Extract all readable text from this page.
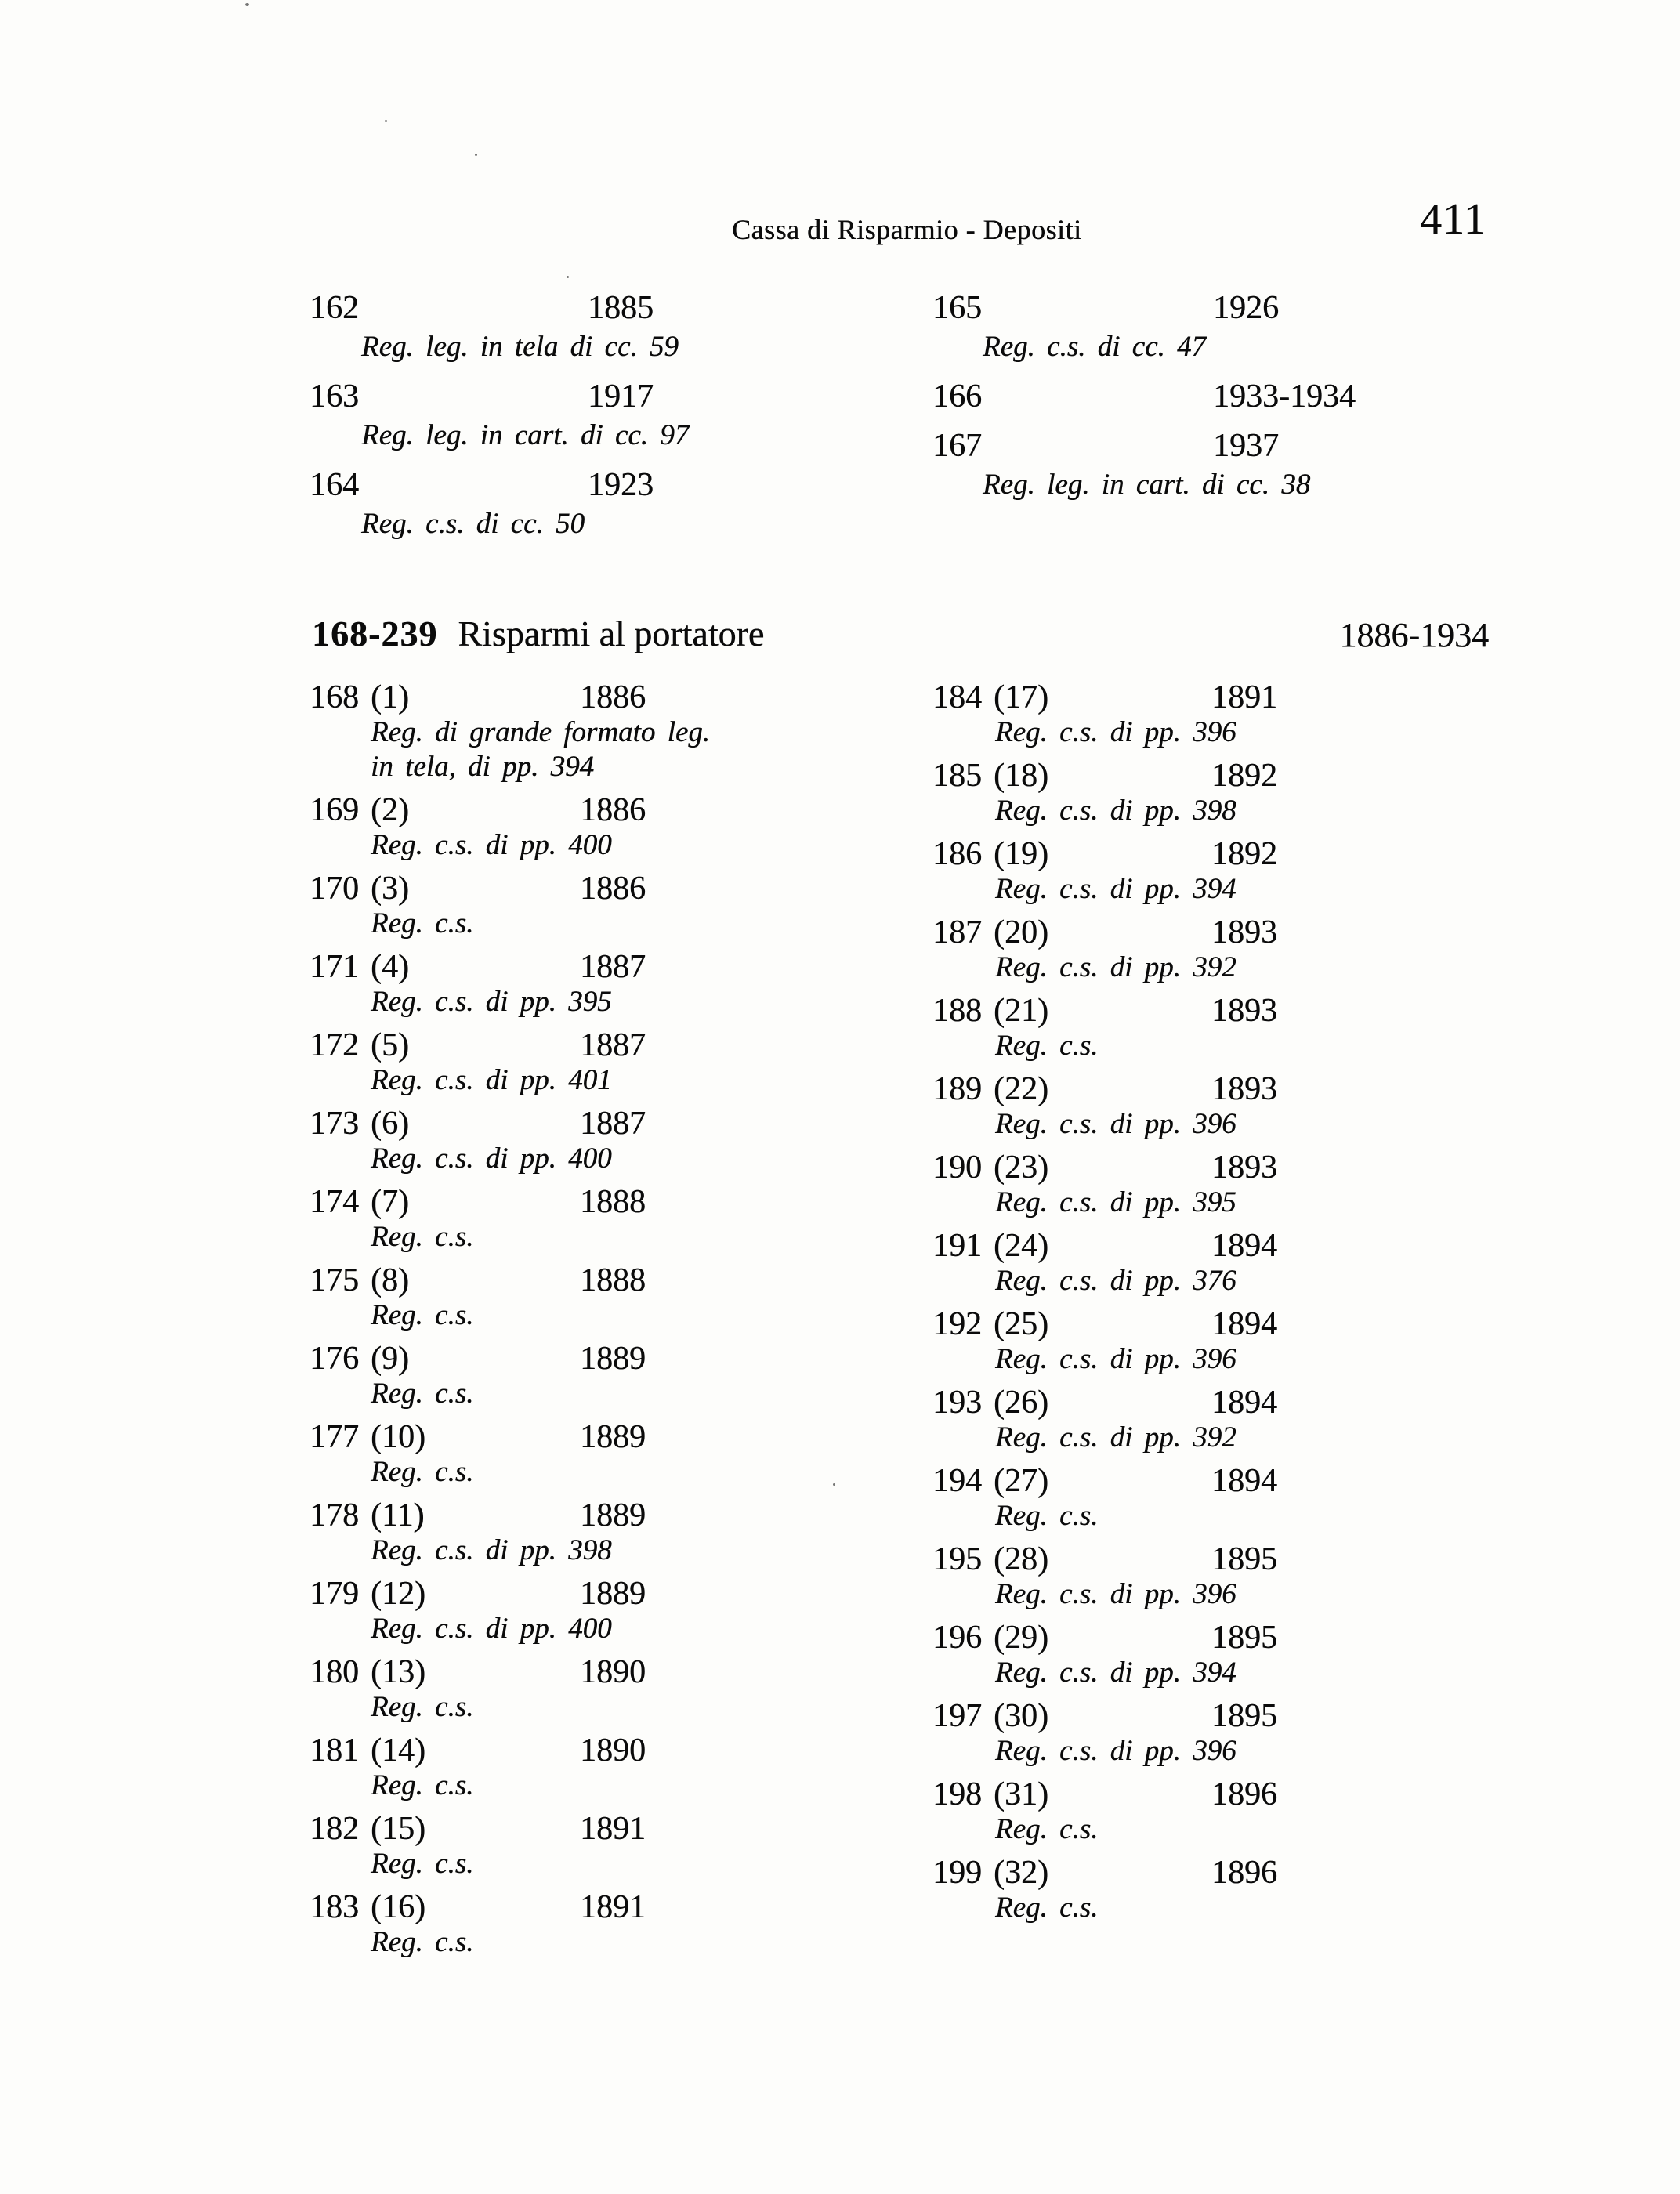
Cassa di Risparmio - Depositi	411
162	1885
Reg. leg. in tela di cc. 59
163	1917
Reg. leg. in cart. di cc. 97
164	1923
Reg. c.s. di cc. 50
165	1926
Reg. c.s. di cc. 47
166	1933-1934
167	1937
Reg. leg. in cart. di cc. 38
168-239 Risparmi al portatore	1886-1934
168 (1)	1886
Reg. di grande formato leg.
in tela, di pp. 394
169 (2)	1886
Reg. c.s. di pp. 400
170 (3)	1886
Reg. c.s.
171 (4)	1887
Reg. c.s. di pp. 395
172 (5)	1887
Reg. c.s. di pp. 401
173 (6)	1887
Reg. c.s. di pp. 400
174 (7)	1888
Reg. c.s.
175 (8)	1888
Reg. c.s.
176 (9)	1889
Reg. c.s.
177 (10)	1889
Reg. c.s.
178 (11)	1889
Reg. c.s. di pp. 398
179 (12)	1889
Reg. c.s. di pp. 400
180 (13)	1890
Reg. c.s.
181 (14)	1890
Reg. c.s.
182 (15)	1891
Reg. c.s.
183 (16)	1891
Reg. c.s.
184 (17)	1891
Reg. c.s. di pp. 396
185 (18)	1892
Reg. c.s. di pp. 398
186 (19)	1892
Reg. c.s. di pp. 394
187 (20)	1893
Reg. c.s. di pp. 392
188 (21)	1893
Reg. c.s.
189 (22)	1893
Reg. c.s. di pp. 396
190 (23)	1893
Reg. c.s. di pp. 395
191 (24)	1894
Reg. c.s. di pp. 376
192 (25)	1894
Reg. c.s. di pp. 396
193 (26)	1894
Reg. c.s. di pp. 392
194 (27)	1894
Reg. c.s.
195 (28)	1895
Reg. c.s. di pp. 396
196 (29)	1895
Reg. c.s. di pp. 394
197 (30)	1895
Reg. c.s. di pp. 396
198 (31)	1896
Reg. c.s.
199 (32)	1896
Reg. c.s.
